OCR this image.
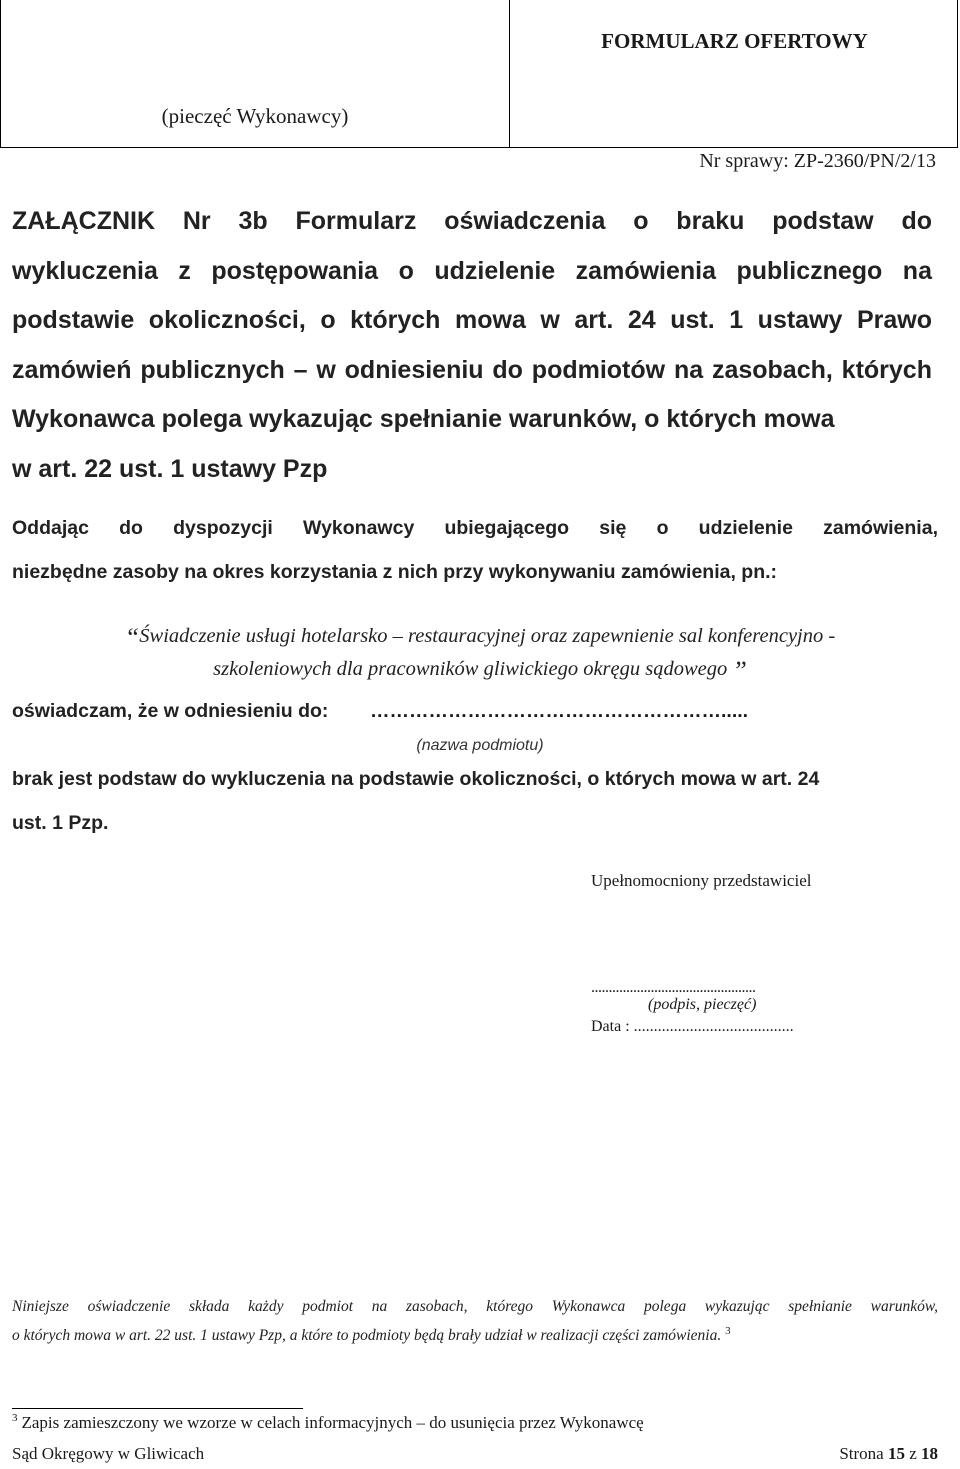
(pieczęć Wykonawcy)
FORMULARZ OFERTOWY
Nr sprawy: ZP-2360/PN/2/13
ZAŁĄCZNIK Nr 3b Formularz oświadczenia o braku podstaw do
wykluczenia z postępowania o udzielenie zamówienia publicznego na
podstawie okoliczności, o których mowa w art. 24 ust. 1 ustawy Prawo
zamówień publicznych – w odniesieniu do podmiotów na zasobach, których
Wykonawca polega wykazując spełnianie warunków, o których mowa
w art. 22 ust. 1 ustawy Pzp
Oddając do dyspozycji Wykonawcy ubiegającego się o udzielenie zamówienia,
niezbędne zasoby na okres korzystania z nich przy wykonywaniu zamówienia, pn.:
“Świadczenie usługi hotelarsko – restauracyjnej oraz zapewnienie sal konferencyjno -
szkoleniowych dla pracowników gliwickiego okręgu sądowego ”
oświadczam, że w odniesieniu do: ……………………………………………….....
(nazwa podmiotu)
brak jest podstaw do wykluczenia na podstawie okoliczności, o których mowa w art. 24
ust. 1 Pzp.
Upełnomocniony przedstawiciel
...............................................
(podpis, pieczęć)
Data : ........................................
Niniejsze oświadczenie składa każdy podmiot na zasobach, którego Wykonawca polega wykazując spełnianie warunków,
o których mowa w art. 22 ust. 1 ustawy Pzp, a które to podmioty będą brały udział w realizacji części zamówienia. $^3$
$^3$ Zapis zamieszczony we wzorze w celach informacyjnych – do usunięcia przez Wykonawcę
Sąd Okręgowy w Gliwicach	Strona 15 z 18
